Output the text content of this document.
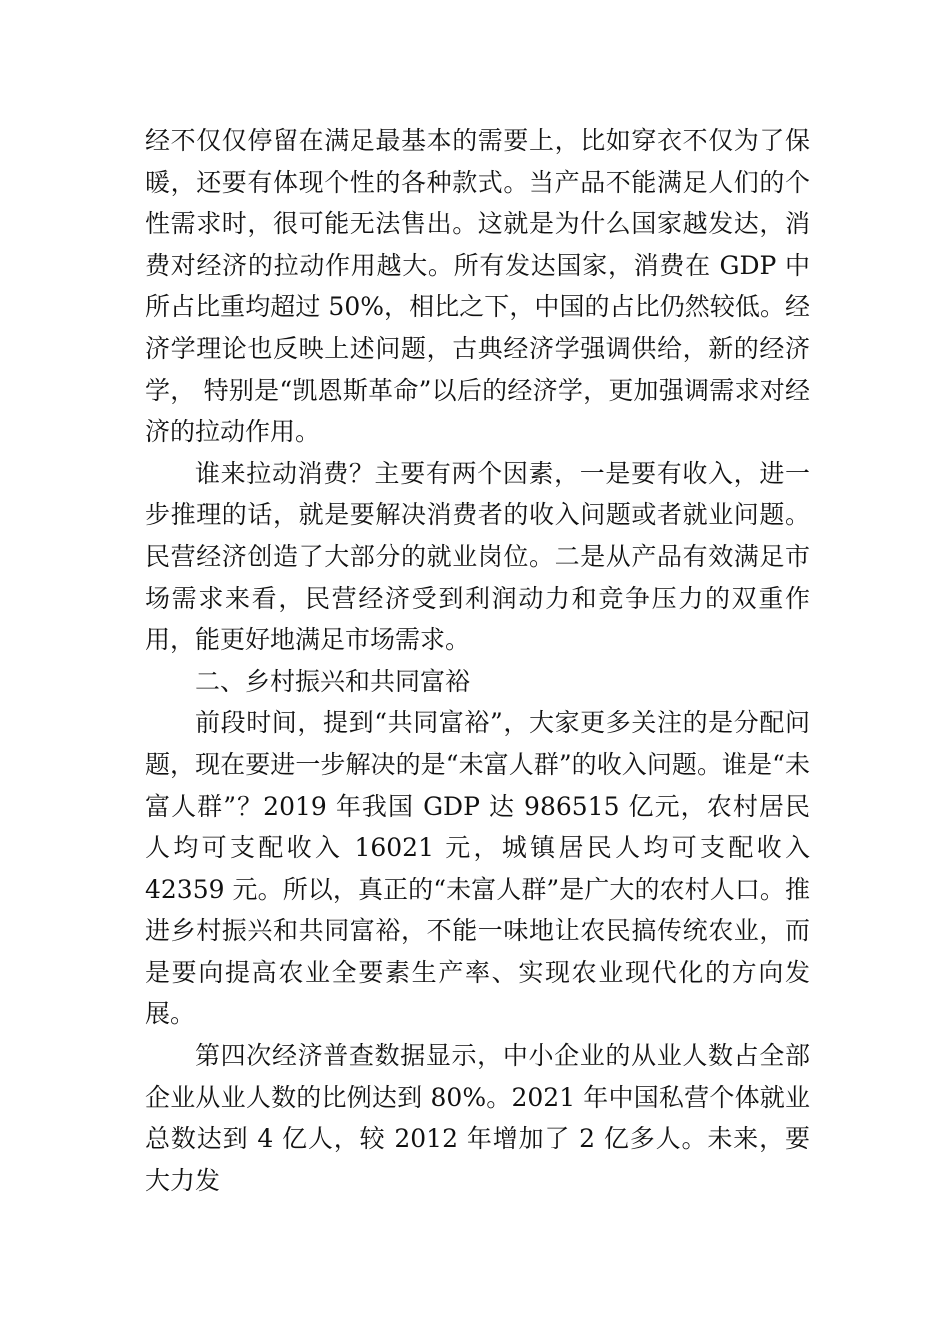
经不仅仅停留在满足最基本的需要上，比如穿衣不仅为了保暖，还要有体现个性的各种款式。当产品不能满足人们的个性需求时，很可能无法售出。这就是为什么国家越发达，消费对经济的拉动作用越大。所有发达国家，消费在 GDP 中所占比重均超过 50%，相比之下，中国的占比仍然较低。经济学理论也反映上述问题，古典经济学强调供给，新的经济学， 特别是“凯恩斯革命”以后的经济学，更加强调需求对经济的拉动作用。

谁来拉动消费？主要有两个因素，一是要有收入，进一步推理的话，就是要解决消费者的收入问题或者就业问题。民营经济创造了大部分的就业岗位。二是从产品有效满足市场需求来看，民营经济受到利润动力和竞争压力的双重作用，能更好地满足市场需求。

二、乡村振兴和共同富裕

前段时间，提到“共同富裕”，大家更多关注的是分配问题，现在要进一步解决的是“未富人群”的收入问题。谁是“未富人群”？2019 年我国 GDP 达 986515 亿元，农村居民人均可支配收入 16021 元，城镇居民人均可支配收入 42359 元。所以，真正的“未富人群”是广大的农村人口。推进乡村振兴和共同富裕，不能一味地让农民搞传统农业，而是要向提高农业全要素生产率、实现农业现代化的方向发展。

第四次经济普查数据显示，中小企业的从业人数占全部企业从业人数的比例达到 80%。2021 年中国私营个体就业总数达到 4 亿人，较 2012 年增加了 2 亿多人。未来，要大力发
